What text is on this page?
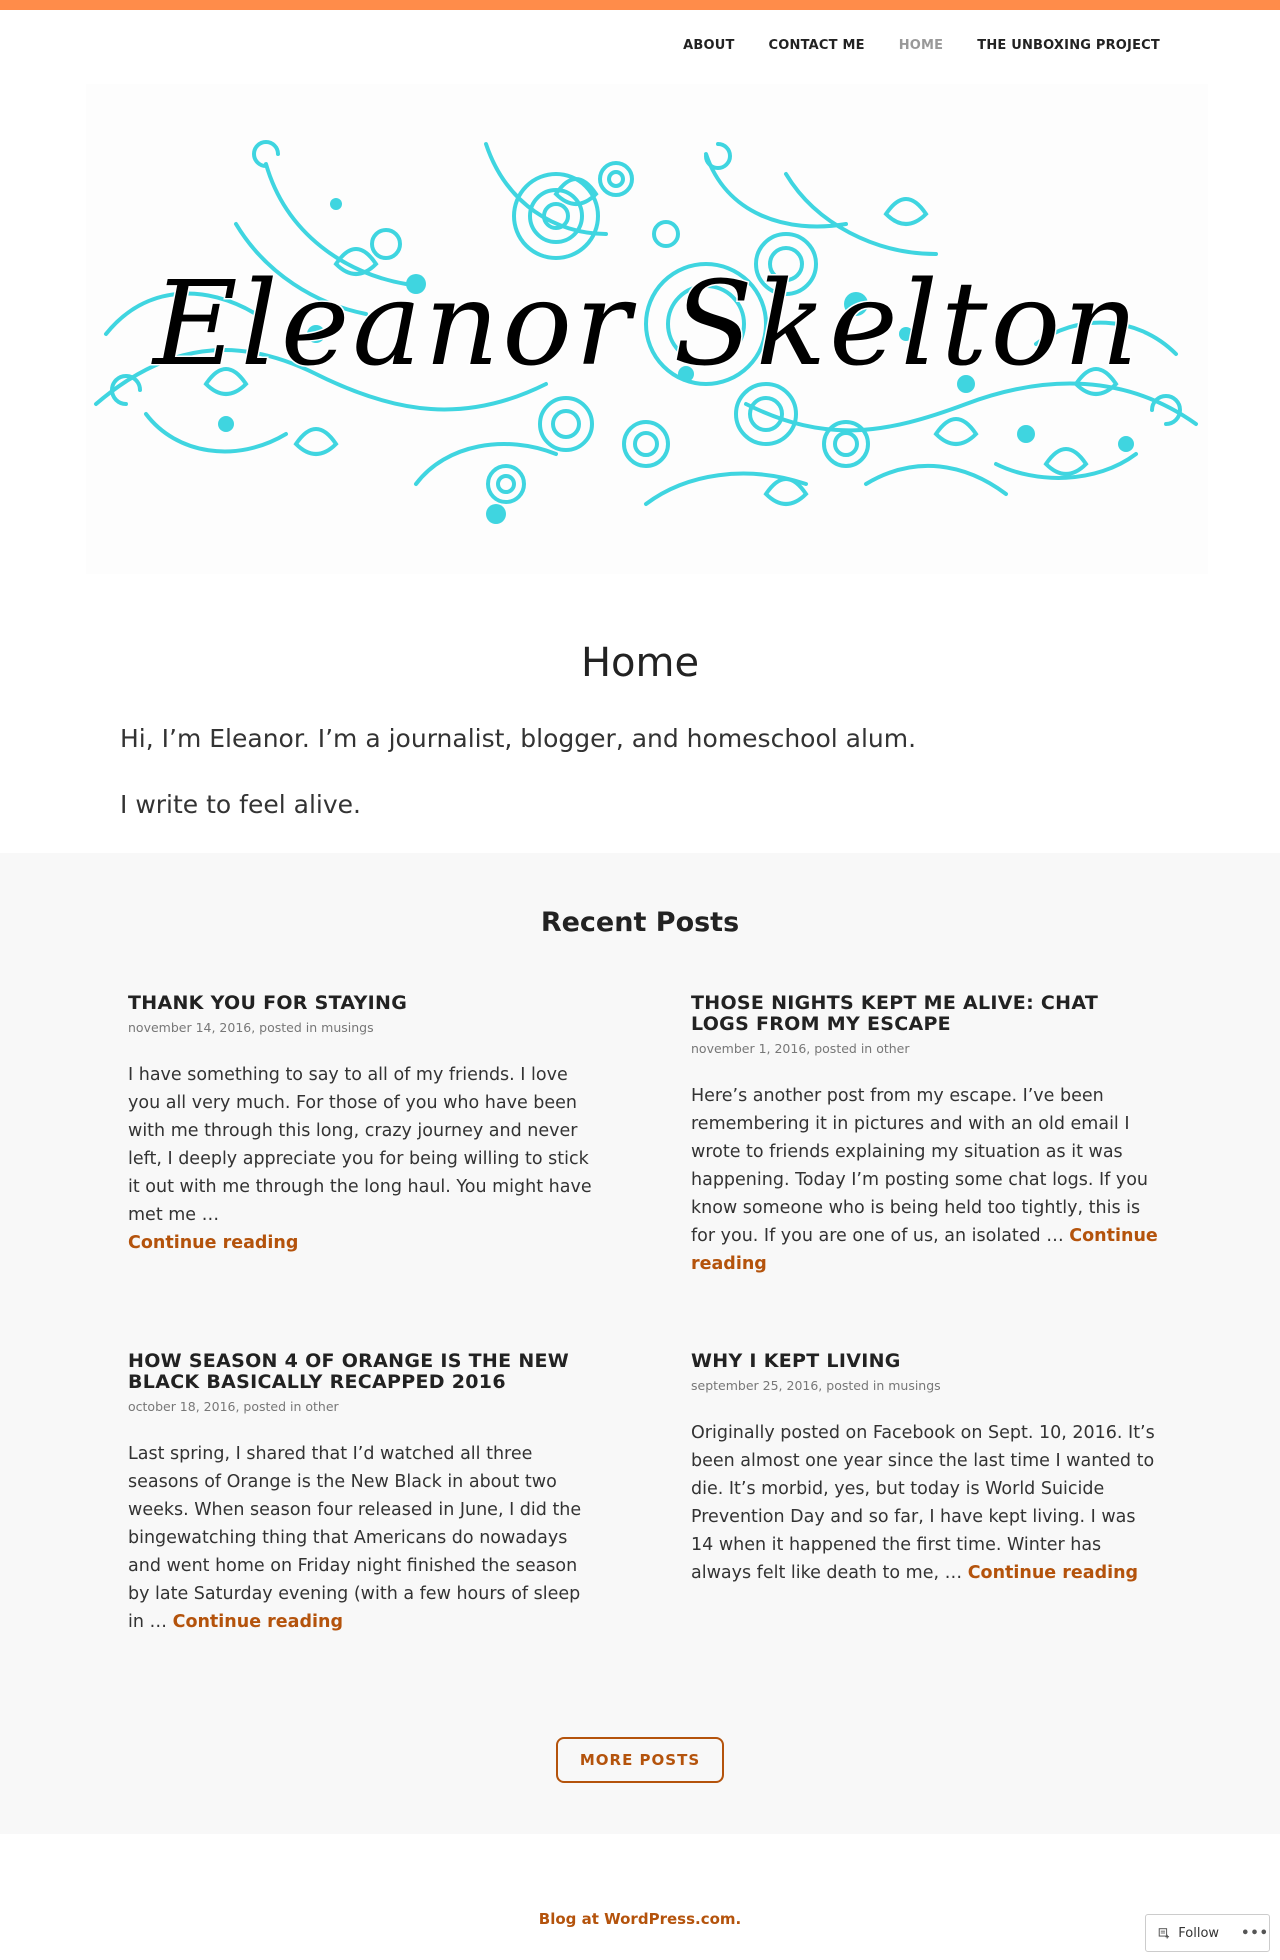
ABOUT	CONTACT ME	HOME	THE UNBOXING PROJECT
Eleanor Skelton
Home

Hi, I’m Eleanor. I’m a journalist, blogger, and homeschool alum.

I write to feel alive.

Recent Posts
THANK YOU FOR STAYING
november 14, 2016, posted in musings

I have something to say to all of my friends. I love you all very much. For those of you who have been with me through this long, crazy journey and never left, I deeply appreciate you for being willing to stick it out with me through the long haul. You might have met me …
Continue reading

THOSE NIGHTS KEPT ME ALIVE: CHAT LOGS FROM MY ESCAPE
november 1, 2016, posted in other

Here’s another post from my escape. I’ve been remembering it in pictures and with an old email I wrote to friends explaining my situation as it was happening. Today I’m posting some chat logs. If you know someone who is being held too tightly, this is for you. If you are one of us, an isolated … Continue reading

HOW SEASON 4 OF ORANGE IS THE NEW BLACK BASICALLY RECAPPED 2016
october 18, 2016, posted in other

Last spring, I shared that I’d watched all three seasons of Orange is the New Black in about two weeks. When season four released in June, I did the bingewatching thing that Americans do nowadays and went home on Friday night finished the season by late Saturday evening (with a few hours of sleep in … Continue reading

WHY I KEPT LIVING
september 25, 2016, posted in musings

Originally posted on Facebook on Sept. 10, 2016. It’s been almost one year since the last time I wanted to die. It’s morbid, yes, but today is World Suicide Prevention Day and so far, I have kept living. I was 14 when it happened the first time. Winter has always felt like death to me, … Continue reading

MORE POSTS
Blog at WordPress.com.
Follow •••
